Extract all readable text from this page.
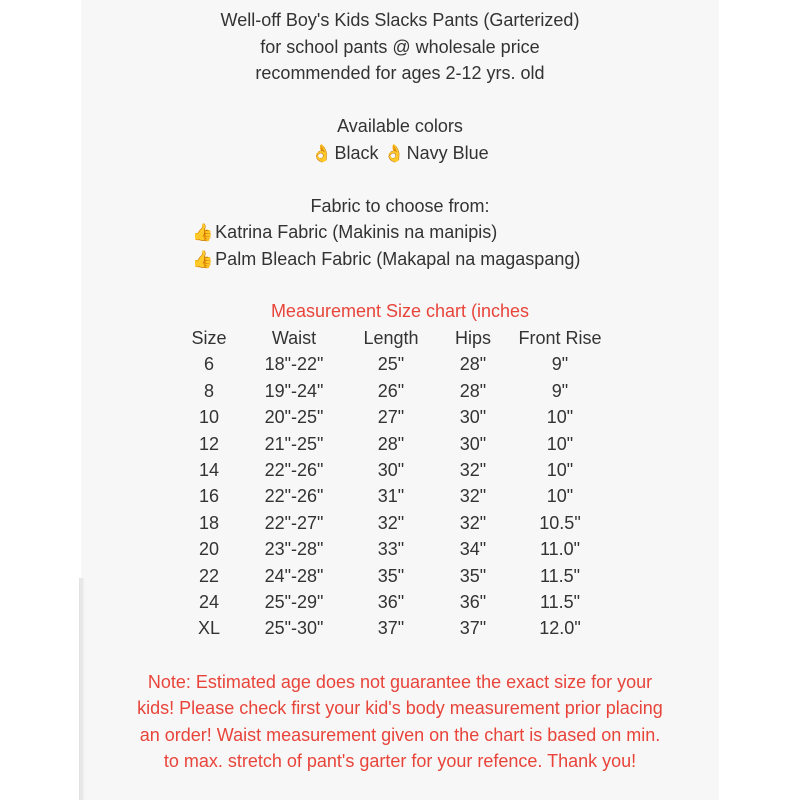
Well-off Boy's Kids Slacks Pants (Garterized)
for school pants @ wholesale price
recommended for ages 2-12 yrs. old
Available colors
👌 Black 👌 Navy Blue
Fabric to choose from:
👍 Katrina Fabric (Makinis na manipis)
👍 Palm Bleach Fabric (Makapal na magaspang)
Measurement Size chart (inches
Size	Waist	Length	Hips	Front Rise
6	18"-22"	25"	28"	9"
8	19"-24"	26"	28"	9"
10	20"-25"	27"	30"	10"
12	21"-25"	28"	30"	10"
14	22"-26"	30"	32"	10"
16	22"-26"	31"	32"	10"
18	22"-27"	32"	32"	10.5"
20	23"-28"	33"	34"	11.0"
22	24"-28"	35"	35"	11.5"
24	25"-29"	36"	36"	11.5"
XL	25"-30"	37"	37"	12.0"
Note: Estimated age does not guarantee the exact size for your
kids! Please check first your kid's body measurement prior placing
an order! Waist measurement given on the chart is based on min.
to max. stretch of pant's garter for your refence. Thank you!
